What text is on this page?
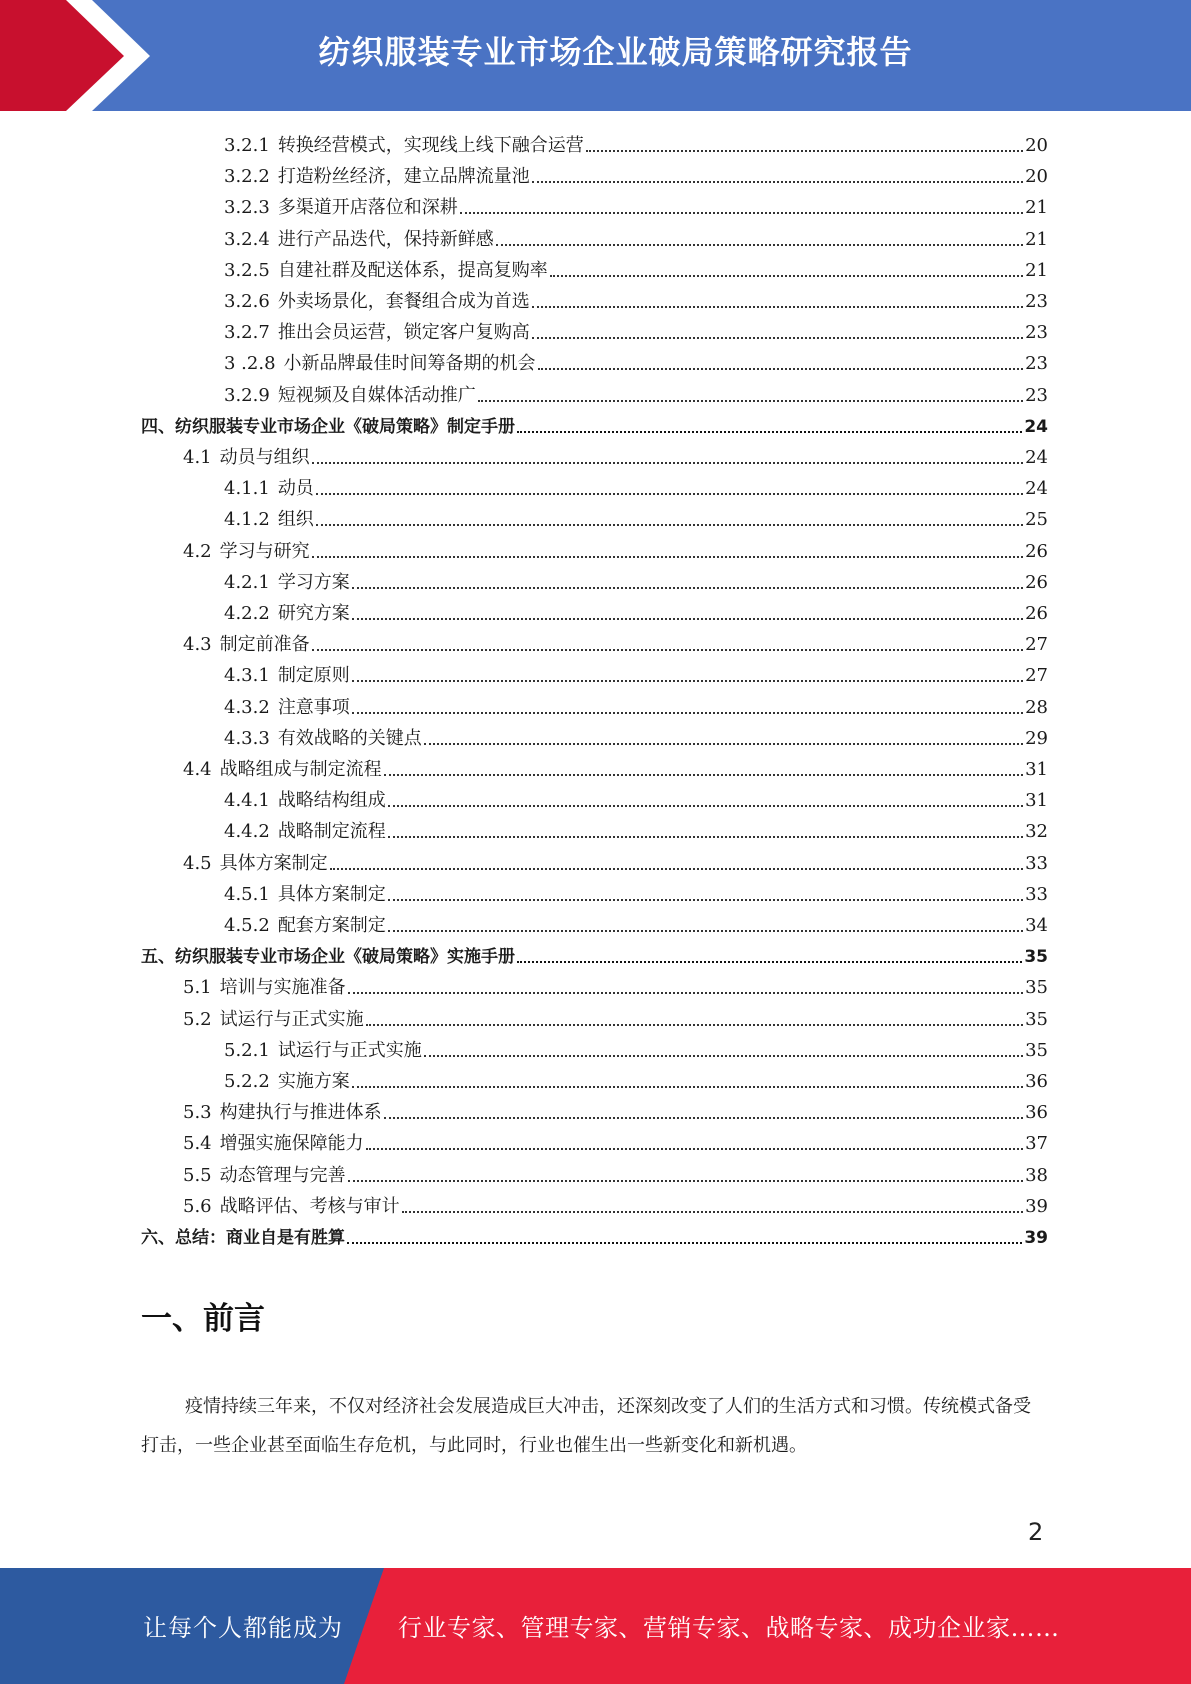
纺织服装专业市场企业破局策略研究报告
3.2.1 转换经营模式，实现线上线下融合运营	20
3.2.2 打造粉丝经济，建立品牌流量池	20
3.2.3 多渠道开店落位和深耕	21
3.2.4 进行产品迭代，保持新鲜感	21
3.2.5 自建社群及配送体系，提高复购率	21
3.2.6 外卖场景化，套餐组合成为首选	23
3.2.7 推出会员运营，锁定客户复购高	23
3 .2.8 小新品牌最佳时间筹备期的机会	23
3.2.9 短视频及自媒体活动推广	23
四、纺织服装专业市场企业《破局策略》制定手册	24
4.1 动员与组织	24
4.1.1 动员	24
4.1.2 组织	25
4.2 学习与研究	26
4.2.1 学习方案	26
4.2.2 研究方案	26
4.3 制定前准备	27
4.3.1 制定原则	27
4.3.2 注意事项	28
4.3.3 有效战略的关键点	29
4.4 战略组成与制定流程	31
4.4.1 战略结构组成	31
4.4.2 战略制定流程	32
4.5 具体方案制定	33
4.5.1 具体方案制定	33
4.5.2 配套方案制定	34
五、纺织服装专业市场企业《破局策略》实施手册	35
5.1 培训与实施准备	35
5.2 试运行与正式实施	35
5.2.1 试运行与正式实施	35
5.2.2 实施方案	36
5.3 构建执行与推进体系	36
5.4 增强实施保障能力	37
5.5 动态管理与完善	38
5.6 战略评估、考核与审计	39
六、总结：商业自是有胜算	39
一、前言
疫情持续三年来，不仅对经济社会发展造成巨大冲击，还深刻改变了人们的生活方式和习惯。传统模式备受打击，一些企业甚至面临生存危机，与此同时，行业也催生出一些新变化和新机遇。
2
让每个人都能成为 行业专家、管理专家、营销专家、战略专家、成功企业家……
